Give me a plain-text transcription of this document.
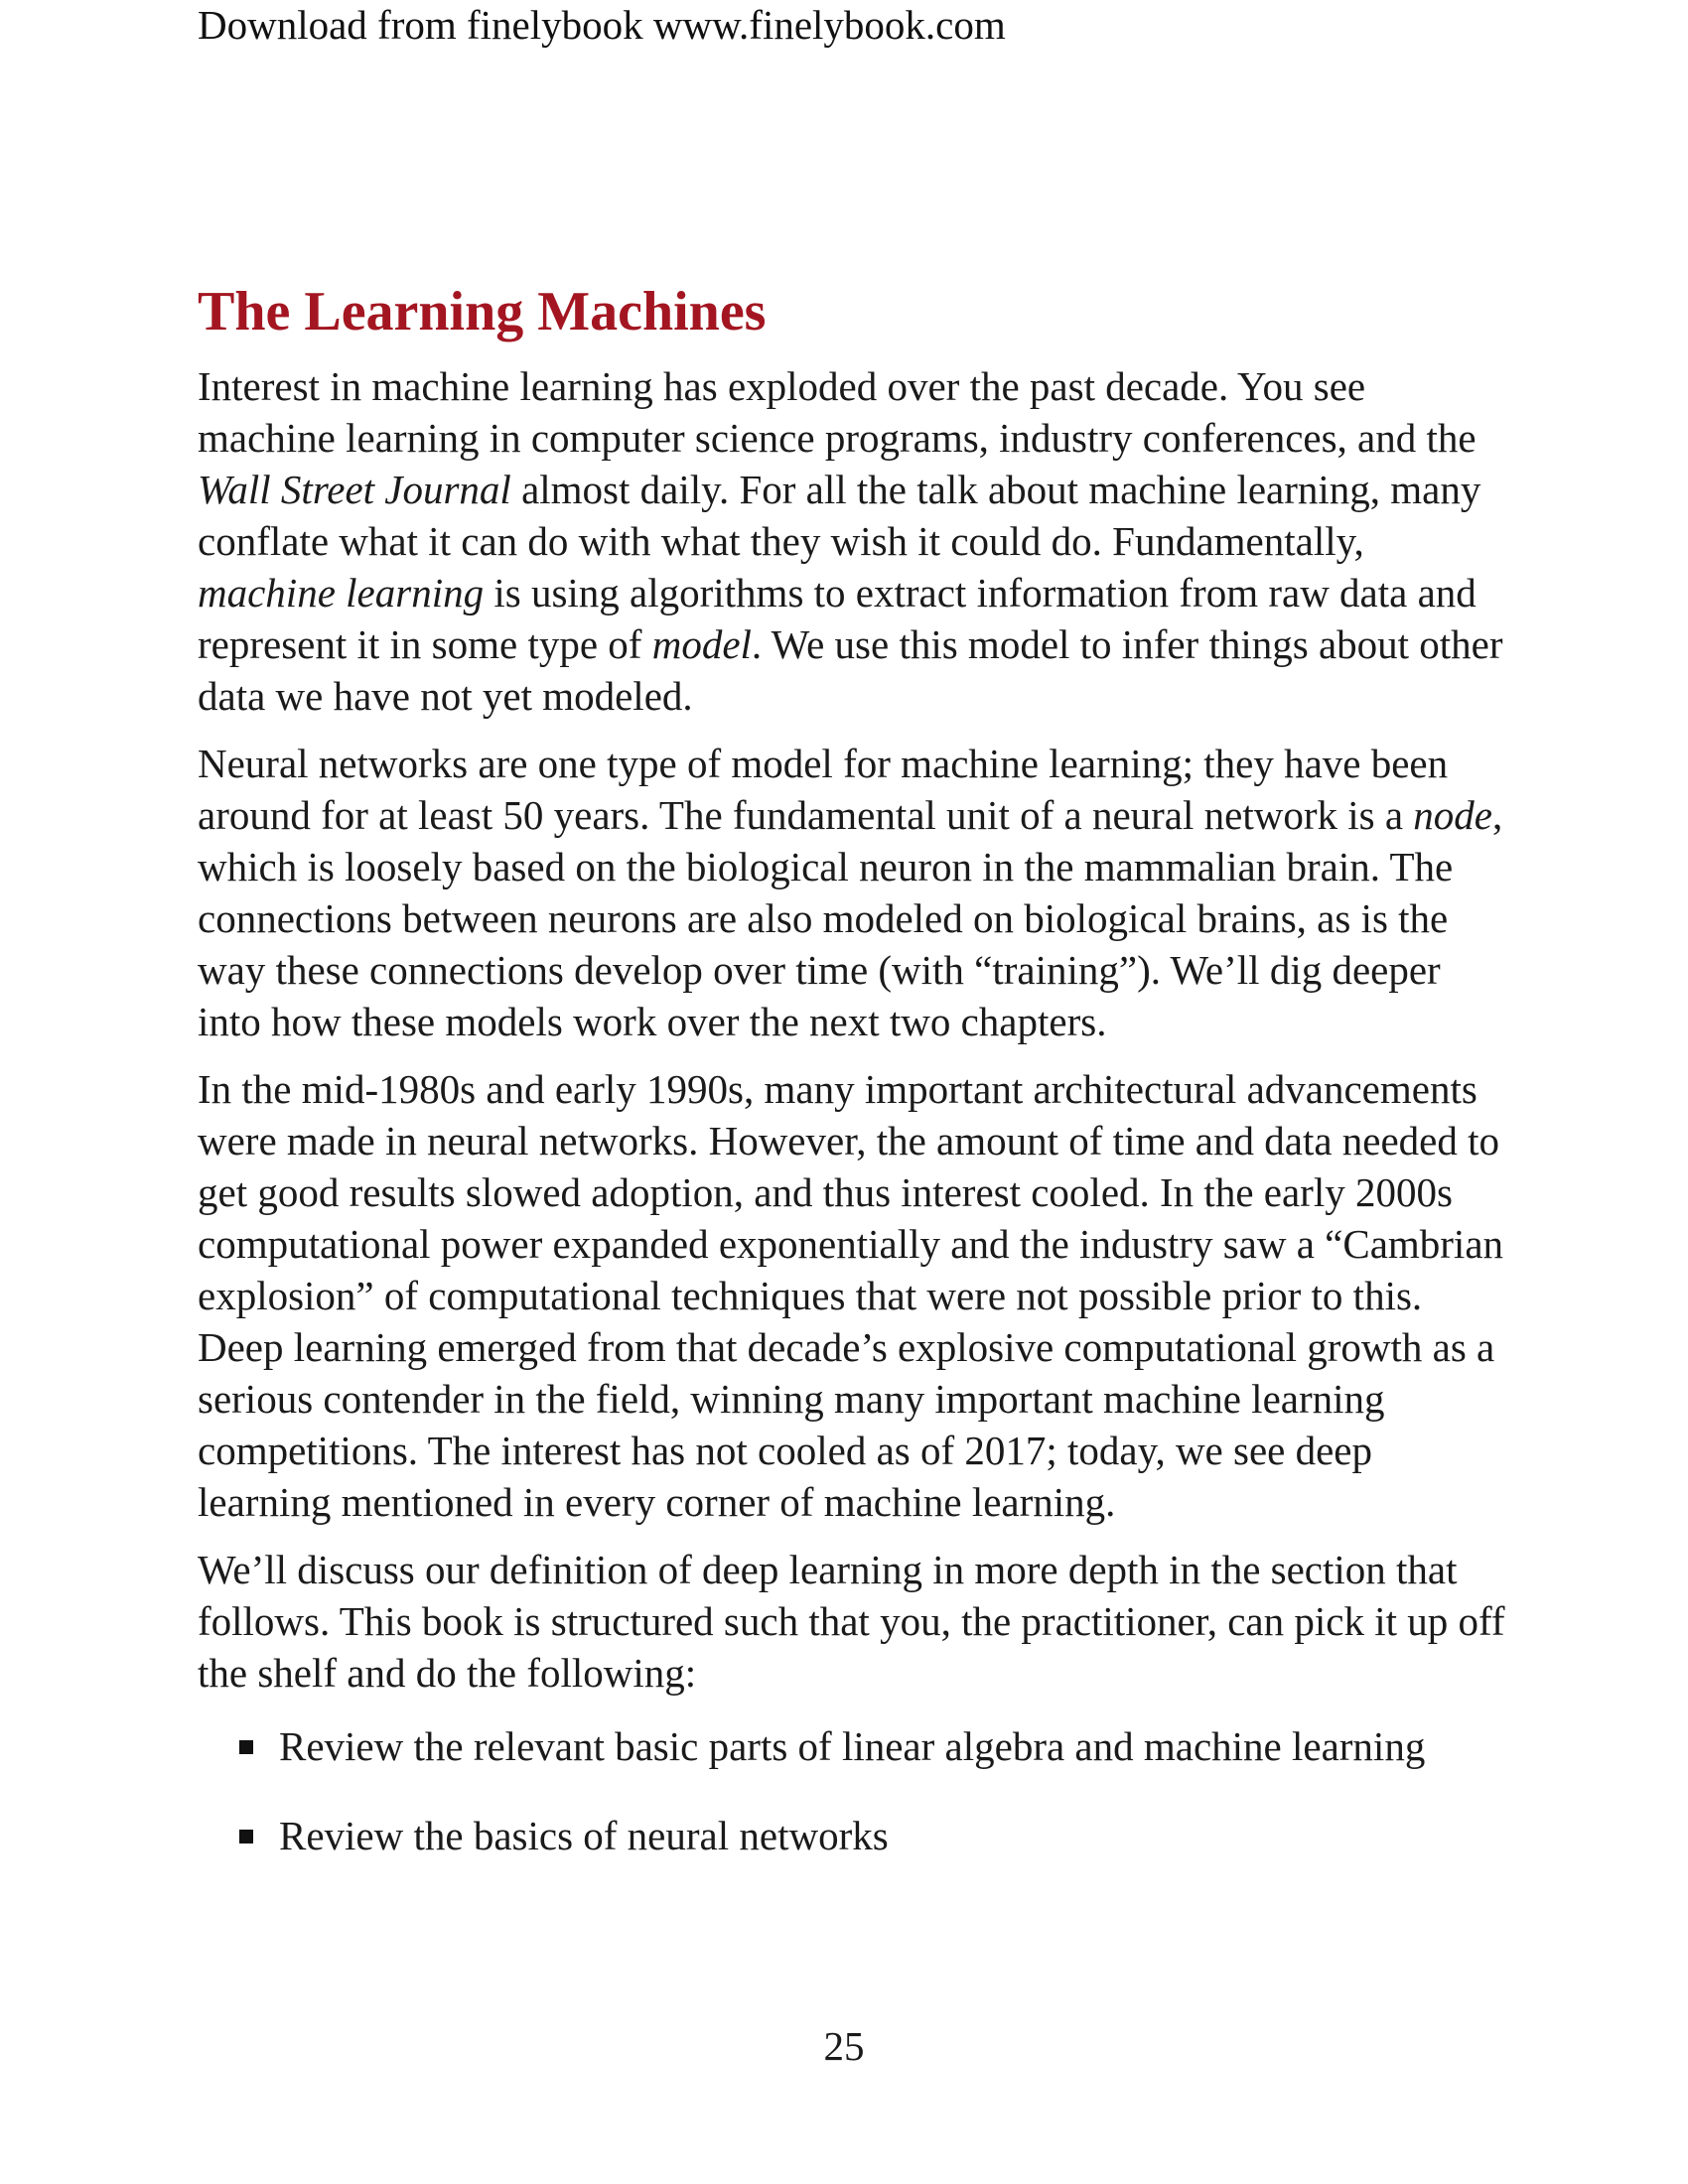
Download from finelybook www.finelybook.com
The Learning Machines

Interest in machine learning has exploded over the past decade. You see machine learning in computer science programs, industry conferences, and the Wall Street Journal almost daily. For all the talk about machine learning, many conflate what it can do with what they wish it could do. Fundamentally, machine learning is using algorithms to extract information from raw data and represent it in some type of model. We use this model to infer things about other data we have not yet modeled.

Neural networks are one type of model for machine learning; they have been around for at least 50 years. The fundamental unit of a neural network is a node, which is loosely based on the biological neuron in the mammalian brain. The connections between neurons are also modeled on biological brains, as is the way these connections develop over time (with “training”). We’ll dig deeper into how these models work over the next two chapters.

In the mid-1980s and early 1990s, many important architectural advancements were made in neural networks. However, the amount of time and data needed to get good results slowed adoption, and thus interest cooled. In the early 2000s computational power expanded exponentially and the industry saw a “Cambrian explosion” of computational techniques that were not possible prior to this. Deep learning emerged from that decade’s explosive computational growth as a serious contender in the field, winning many important machine learning competitions. The interest has not cooled as of 2017; today, we see deep learning mentioned in every corner of machine learning.

We’ll discuss our definition of deep learning in more depth in the section that follows. This book is structured such that you, the practitioner, can pick it up off the shelf and do the following:

Review the relevant basic parts of linear algebra and machine learning
Review the basics of neural networks
25
